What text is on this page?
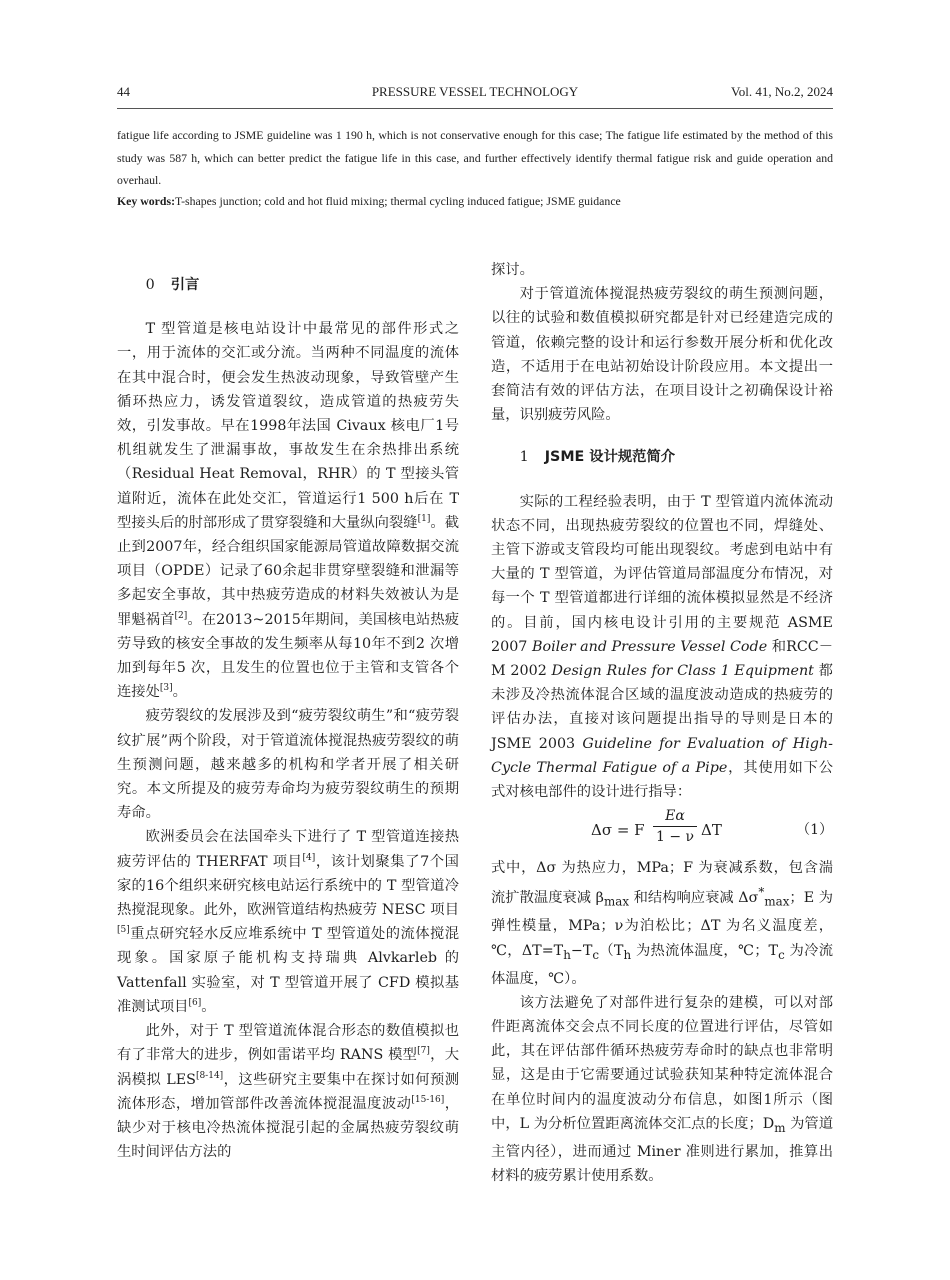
44	PRESSURE VESSEL TECHNOLOGY	Vol. 41, No.2, 2024
fatigue life according to JSME guideline was 1 190 h, which is not conservative enough for this case; The fatigue life estimated by the method of this study was 587 h, which can better predict the fatigue life in this case, and further effectively identify thermal fatigue risk and guide operation and overhaul.
Key words:T-shapes junction; cold and hot fluid mixing; thermal cycling induced fatigue; JSME guidance

0 引言

T 型管道是核电站设计中最常见的部件形式之一，用于流体的交汇或分流。当两种不同温度的流体在其中混合时，便会发生热波动现象，导致管壁产生循环热应力，诱发管道裂纹，造成管道的热疲劳失效，引发事故。早在1998年法国 Civaux 核电厂1号机组就发生了泄漏事故，事故发生在余热排出系统（Residual Heat Removal，RHR）的 T 型接头管道附近，流体在此处交汇，管道运行1 500 h后在 T 型接头后的肘部形成了贯穿裂缝和大量纵向裂缝[1]。截止到2007年，经合组织国家能源局管道故障数据交流项目（OPDE）记录了60余起非贯穿壁裂缝和泄漏等多起安全事故，其中热疲劳造成的材料失效被认为是罪魁祸首[2]。在2013~2015年期间，美国核电站热疲劳导致的核安全事故的发生频率从每10年不到2 次增加到每年5 次，且发生的位置也位于主管和支管各个连接处[3]。

疲劳裂纹的发展涉及到“疲劳裂纹萌生”和“疲劳裂纹扩展”两个阶段，对于管道流体搅混热疲劳裂纹的萌生预测问题，越来越多的机构和学者开展了相关研究。本文所提及的疲劳寿命均为疲劳裂纹萌生的预期寿命。

欧洲委员会在法国牵头下进行了 T 型管道连接热疲劳评估的 THERFAT 项目[4]，该计划聚集了7个国家的16个组织来研究核电站运行系统中的 T 型管道冷热搅混现象。此外，欧洲管道结构热疲劳 NESC 项目[5]重点研究轻水反应堆系统中 T 型管道处的流体搅混现象。国家原子能机构支持瑞典 Alvkarleb 的 Vattenfall 实验室，对 T 型管道开展了 CFD 模拟基准测试项目[6]。

此外，对于 T 型管道流体混合形态的数值模拟也有了非常大的进步，例如雷诺平均 RANS 模型[7]，大涡模拟 LES[8-14]，这些研究主要集中在探讨如何预测流体形态，增加管部件改善流体搅混温度波动[15-16]，缺少对于核电冷热流体搅混引起的金属热疲劳裂纹萌生时间评估方法的

探讨。

对于管道流体搅混热疲劳裂纹的萌生预测问题，以往的试验和数值模拟研究都是针对已经建造完成的管道，依赖完整的设计和运行参数开展分析和优化改造，不适用于在电站初始设计阶段应用。本文提出一套简洁有效的评估方法，在项目设计之初确保设计裕量，识别疲劳风险。

1 JSME 设计规范简介

实际的工程经验表明，由于 T 型管道内流体流动状态不同，出现热疲劳裂纹的位置也不同，焊缝处、主管下游或支管段均可能出现裂纹。考虑到电站中有大量的 T 型管道，为评估管道局部温度分布情况，对每一个 T 型管道都进行详细的流体模拟显然是不经济的。目前，国内核电设计引用的主要规范 ASME 2007 Boiler and Pressure Vessel Code 和RCC－M 2002 Design Rules for Class 1 Equipment 都未涉及冷热流体混合区域的温度波动造成的热疲劳的评估办法，直接对该问题提出指导的导则是日本的 JSME 2003 Guideline for Evaluation of High-Cycle Thermal Fatigue of a Pipe，其使用如下公式对核电部件的设计进行指导：

Δσ = F $\frac{E\alpha}{1 - \nu}$ ΔT	（1）

式中，Δσ 为热应力，MPa；F 为衰减系数，包含湍流扩散温度衰减 $\beta_{max}$ 和结构响应衰减 $\Delta\sigma^*_{max}$；E 为弹性模量，MPa；ν为泊松比；ΔT 为名义温度差，℃，$\Delta T=T_h-T_c(T_h$ 为热流体温度，℃；$T_c$ 为冷流体温度，℃）。

该方法避免了对部件进行复杂的建模，可以对部件距离流体交会点不同长度的位置进行评估，尽管如此，其在评估部件循环热疲劳寿命时的缺点也非常明显，这是由于它需要通过试验获知某种特定流体混合在单位时间内的温度波动分布信息，如图1所示（图中，L 为分析位置距离流体交汇点的长度；$D_m$ 为管道主管内径），进而通过 Miner 准则进行累加，推算出材料的疲劳累计使用系数。
